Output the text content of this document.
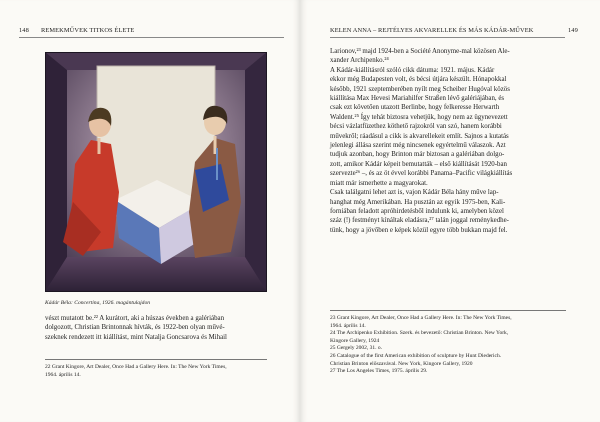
148 REMEKMŰVEK TITKOS ÉLETE
Kádár Béla: Concertina, 1926. magántulajdon
vészt mutatott be.²² A kurátort, aki a húszas években a galériában
dolgozott, Christian Brintonnak hívták, és 1922-ben olyan művé-
szeknek rendezett itt kiállítást, mint Natalja Goncsarova és Mihail
22 Grant Kingore, Art Dealer, Once Had a Gallery Here. In: The New York Times,
1964. április 14.
KELEN ANNA – REJTÉLYES AKVARELLEK ÉS MÁS KÁDÁR-MŰVEK	149
Larionov,²³ majd 1924-ben a Société Anonyme-mal közösen Ale-
xander Archipenko.²⁴
A Kádár-kiállításról szóló cikk dátuma: 1921. május. Kádár
ekkor még Budapesten volt, és bécsi útjára készült. Hónapokkal
később, 1921 szeptemberében nyílt meg Scheiber Hugóval közös
kiállítása Max Hevesi Mariahilfer Straßen lévő galériájában, és
csak ezt követően utazott Berlinbe, hogy felkeresse Herwarth
Waldent.²⁵ Így tehát biztosra vehetjük, hogy nem az ügynevezett
bécsi vázlatfüzethez köthető rajzokról van szó, hanem korábbi
művekről; ráadásul a cikk is akvarellekeit említ. Sajnos a kutatás
jelenlegi állása szerint még nincsenek egyértelmű válaszok. Azt
tudjuk azonban, hogy Brinton már biztosan a galériában dolgo-
zott, amikor Kádár képeit bemutatták – első kiállítását 1920-ban
szervezte²⁶ –, és az öt évvel korábbi Panama–Pacific világkiállítás
miatt már ismerhette a magyarokat.
Csak találgatni lehet azt is, vajon Kádár Béla hány műve lap-
hanghat még Amerikában. Ha pusztán az egyik 1975-ben, Kali-
forniában feladott apróhirdetésből indulunk ki, amelyben közel
száz (!) festményt kínáltak eladásra,²⁷ talán joggal reménykedhe-
tünk, hogy a jövőben e képek közül egyre több bukkan majd fel.
23 Grant Kingore, Art Dealer, Once Had a Gallery Here. In: The New York Times,
1964. április 14.
24 The Archipenko Exhibition. Szerk. és bevezető: Christian Brinton. New York,
Kingore Gallery, 1924
25 Gergely 2002, 31. o.
26 Catalogue of the first American exhibition of sculpture by Hunt Diederich.
Christian Brinton előszavával. New York, Kingore Gallery, 1920
27 The Los Angeles Times, 1975. április 29.
